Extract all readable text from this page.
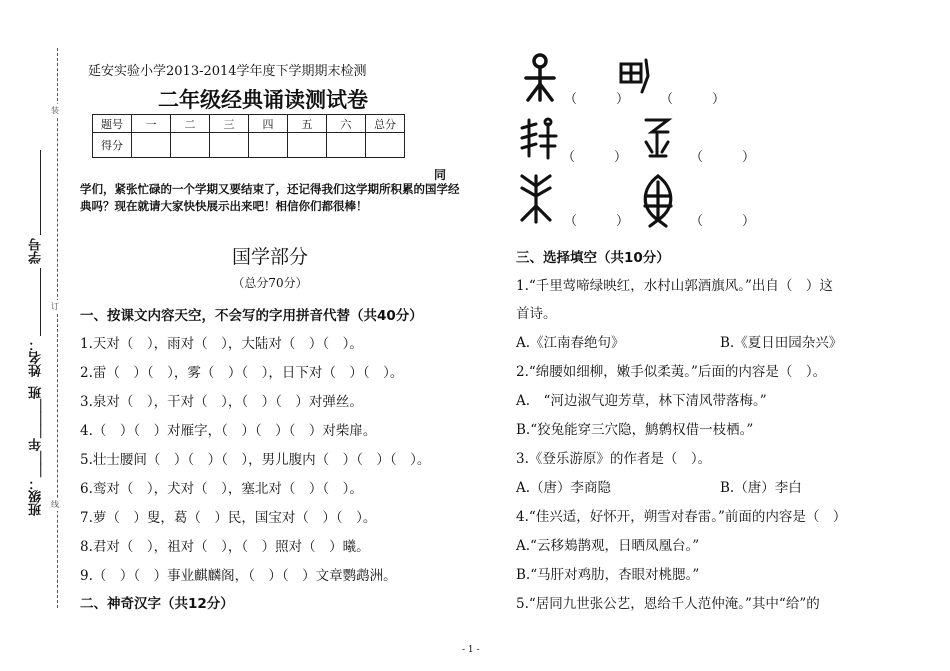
装
订
线
学号
姓名：
班级：＿＿年＿＿＿班
延安实验小学2013-2014学年度下学期期末检测
二年级经典诵读测试卷
题号	一	二	三	四	五	六	总分
得分							
同
学们，紧张忙碌的一个学期又要结束了，还记得我们这学期所积累的国学经典吗？现在就请大家快快展示出来吧！相信你们都很棒！
国学部分
（总分70分）
一、按课文内容天空，不会写的字用拼音代替（共40分）
1.天对（　），雨对（　），大陆对（　）（　）。
2.雷（　）（　），雾（　）（　），日下对（　）（　）。
3.泉对（　），干对（　），（　）（　）对弹丝。
4.（　）（　）对雁字，（　）（　）（　）对柴扉。
5.壮士腰间（　）（　）（　），男儿腹内（　）（　）（　）。
6.鸾对（　），犬对（　），塞北对（　）（　）。
7.萝（　）叟，葛（　）民，国宝对（　）（　）。
8.君对（　），祖对（　），（　）照对（　）曦。
9.（　）（　）事业麒麟阁，（　）（　）文章鹦鹉洲。
二、神奇汉字（共12分）
（　　　） （　　　）
（　　　）	（　　　）
（　　　）	（　　　）
三、选择填空（共10分）
1.“千里莺啼绿映红，水村山郭酒旗风。”出自（　）这
首诗。
A.《江南春绝句》	B.《夏日田园杂兴》
2.“绵腰如细柳，嫩手似柔荑。”后面的内容是（　）。
A.　“河边淑气迎芳草，林下清风带落梅。”
B.“狡兔能穿三穴隐，鹪鹩权借一枝栖。”
3.《登乐游原》的作者是（　）。
A.（唐）李商隐	B.（唐）李白
4.“佳兴适，好怀开，朔雪对春雷。”前面的内容是（　）
A.“云移鳷鹊观，日晒凤凰台。”
B.“马肝对鸡肋，杏眼对桃腮。”
5.“居同九世张公艺，恩给千人范仲淹。”其中“给”的
- 1 -
